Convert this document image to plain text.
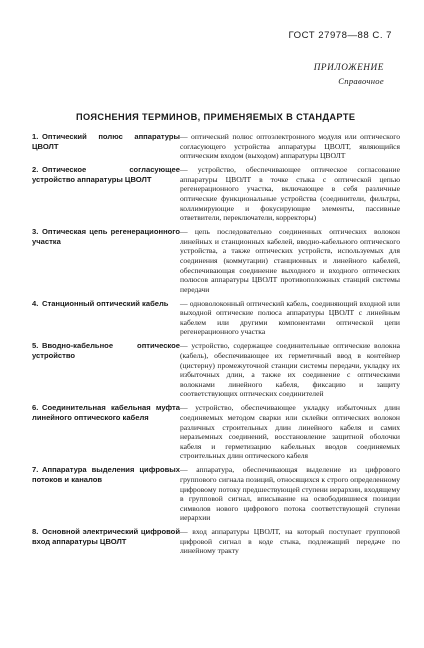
ГОСТ 27978—88 С. 7
ПРИЛОЖЕНИЕ
Справочное
ПОЯСНЕНИЯ ТЕРМИНОВ, ПРИМЕНЯЕМЫХ В СТАНДАРТЕ
1. Оптический полюс аппаратуры ЦВОЛТ
— оптический полюс оптоэлектронного модуля или оптического согласующего устройства аппаратуры ЦВОЛТ, являющийся оптическим входом (выходом) аппаратуры ЦВОЛТ
2. Оптическое согласующее устройство аппаратуры ЦВОЛТ
— устройство, обеспечивающее оптическое согласование аппаратуры ЦВОЛТ в точке стыка с оптической цепью регенерационного участка, включающее в себя различные оптические функциональные устройства (соединители, фильтры, коллимирующие и фокусирующие элементы, пассивные ответвители, переключатели, корректоры)
3. Оптическая цепь регенерационного участка
— цепь последовательно соединенных оптических волокон линейных и станционных кабелей, вводно-кабельного оптического устройства, а также оптических устройств, используемых для соединения (коммутации) станционных и линейного кабелей, обеспечивающая соединение выходного и входного оптических полюсов аппаратуры ЦВОЛТ противоположных станций системы передачи
4. Станционный оптический кабель	— одноволоконный оптический кабель, соединяющий входной или выходной оптические полюса аппаратуры ЦВОЛТ с линейным кабелем или другими компонентами оптической цепи регенерационного участка
5. Вводно-кабельное оптическое устройство
— устройство, содержащее соединительные оптические волокна (кабель), обеспечивающее их герметичный ввод в контейнер (цистерну) промежуточной станции системы передачи, укладку их избыточных длин, а также их соединение с оптическими волокнами линейного кабеля, фиксацию и защиту соответствующих оптических соединителей
6. Соединительная кабельная муфта линейного оптического кабеля
— устройство, обеспечивающее укладку избыточных длин соединяемых методом сварки или склейки оптических волокон различных строительных длин линейного кабеля и самих неразъемных соединений, восстановление защитной оболочки кабеля и герметизацию кабельных вводов соединяемых строительных длин оптического кабеля
7. Аппаратура выделения цифровых потоков и каналов
— аппаратура, обеспечивающая выделение из цифрового группового сигнала позиций, относящихся к строго определенному цифровому потоку предшествующей ступени иерархии, входящему в групповой сигнал, вписывание на освободившиеся позиции символов нового цифрового потока соответствующей ступени иерархии
8. Основной электрический цифровой вход аппаратуры ЦВОЛТ
— вход аппаратуры ЦВОЛТ, на который поступает групповой цифровой сигнал в коде стыка, подлежащий передаче по линейному тракту
